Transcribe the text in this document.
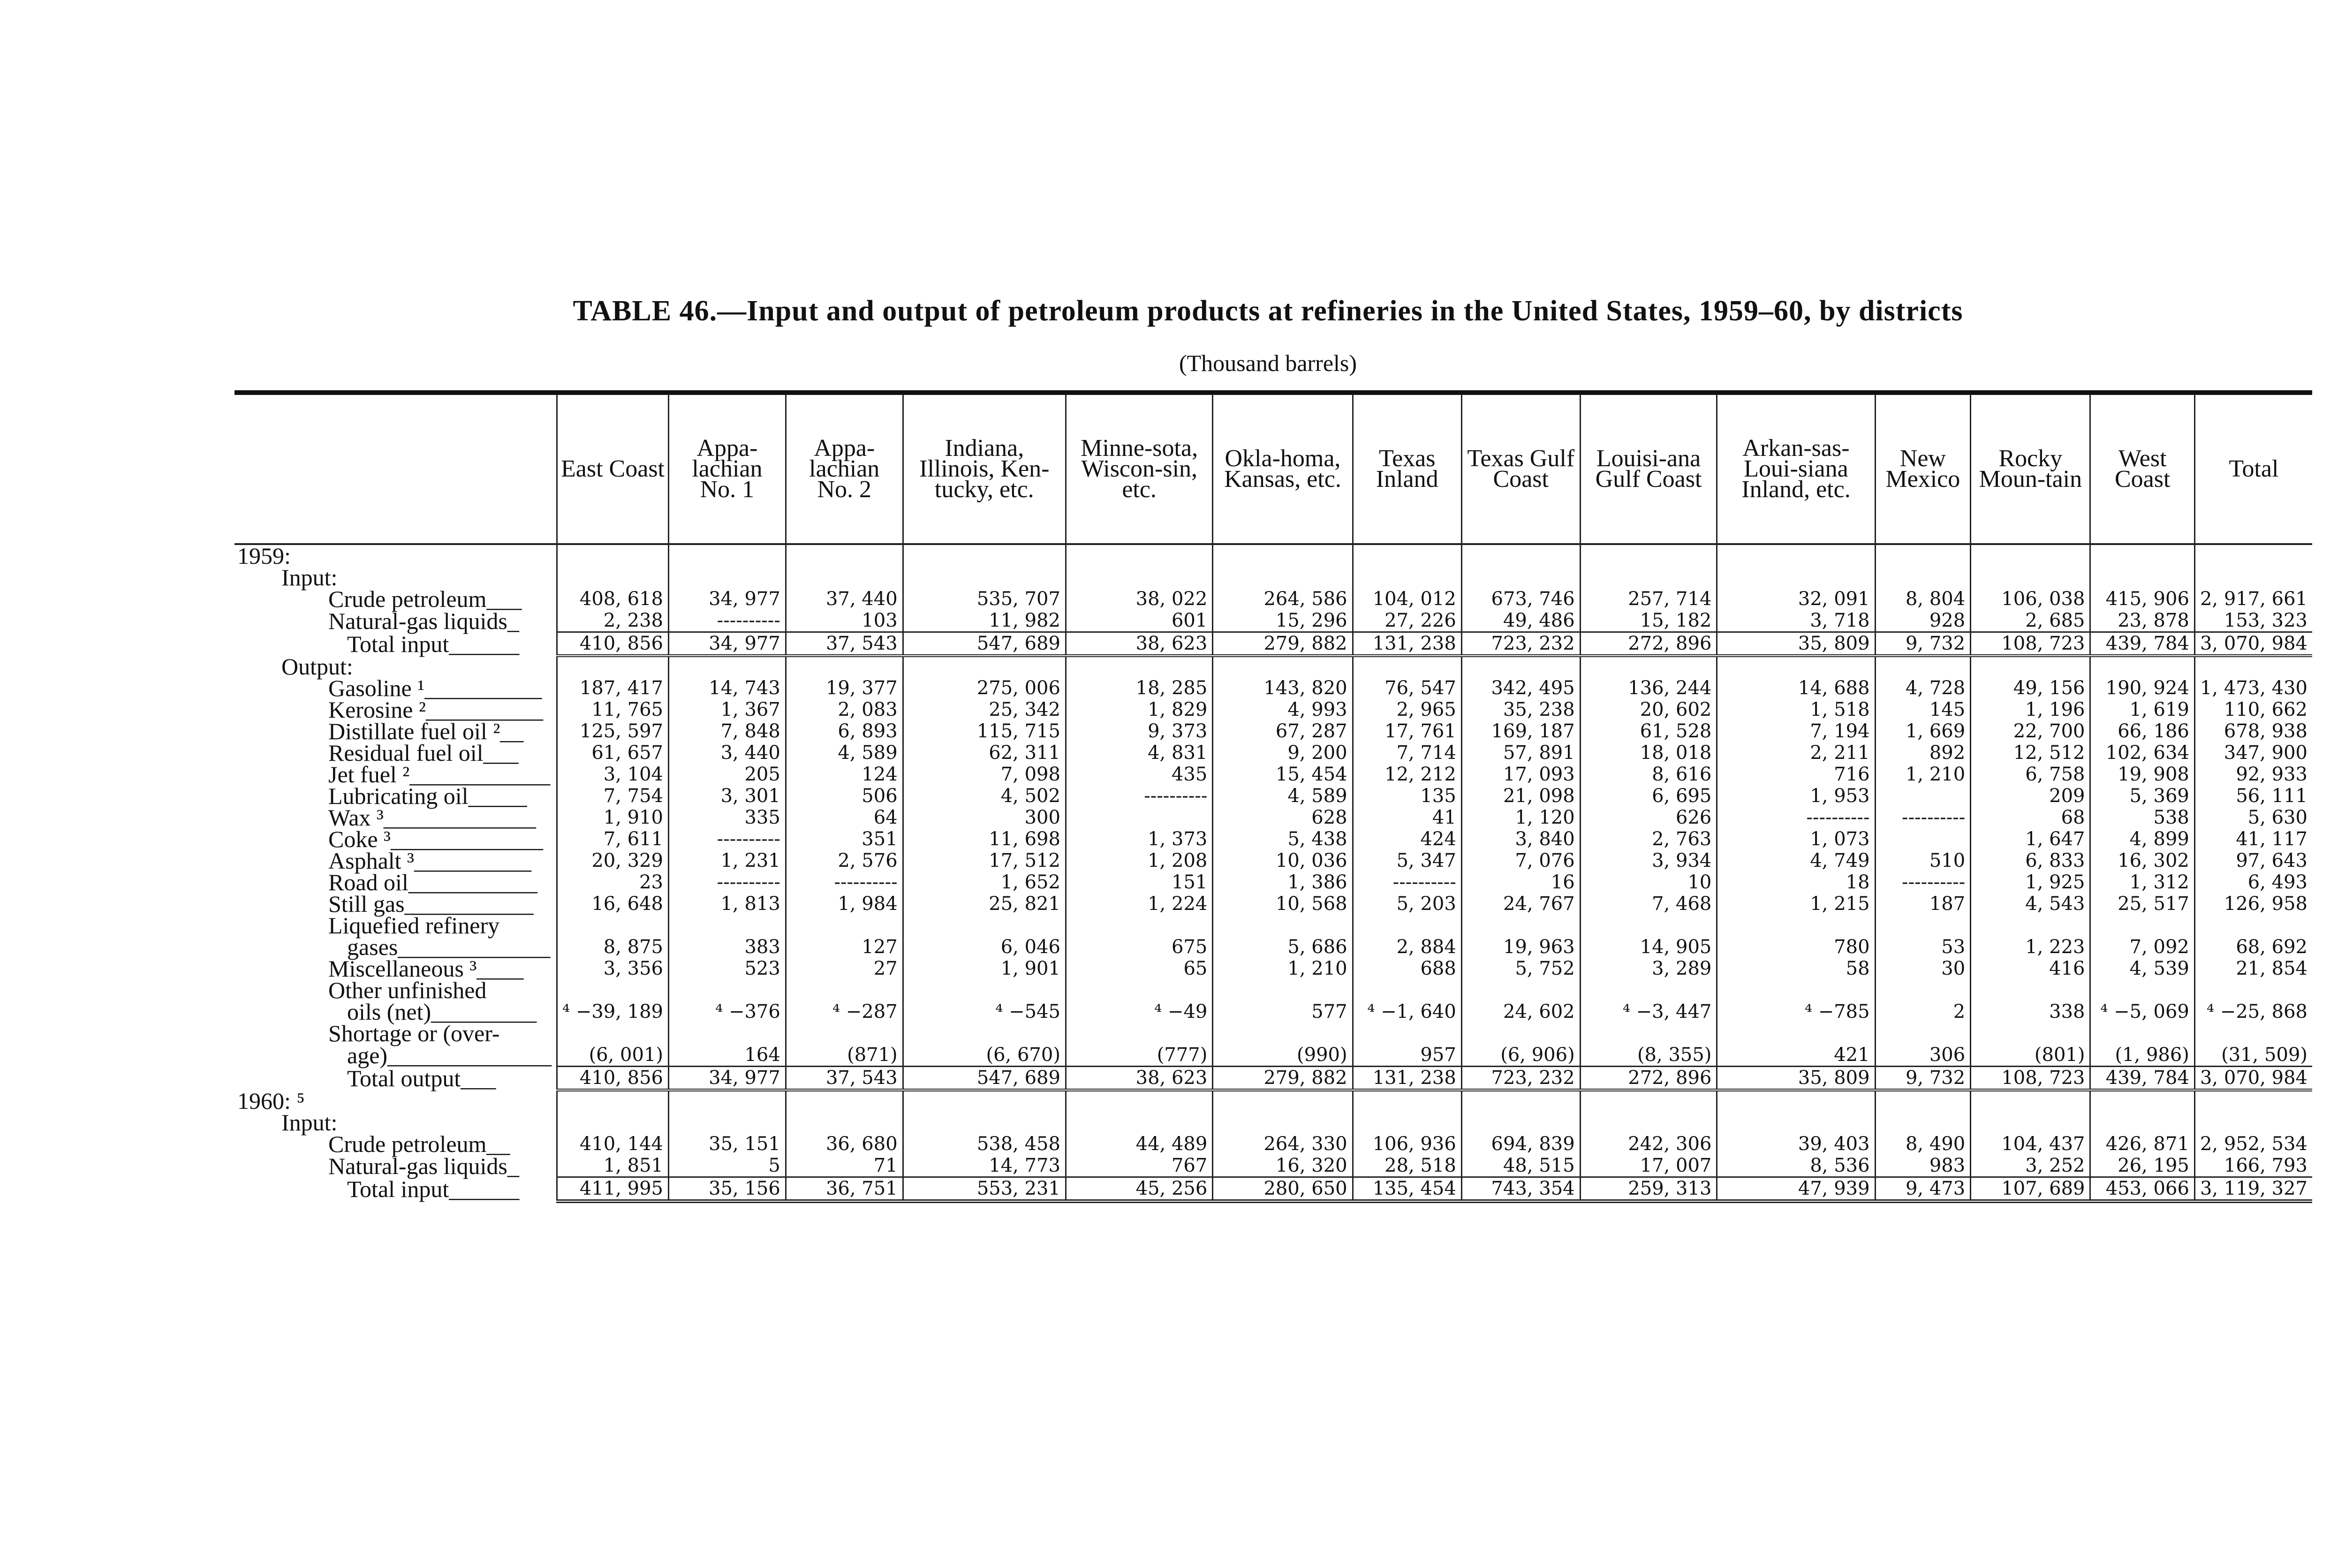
TABLE 46.—Input and output of petroleum products at refineries in the United States, 1959–60, by districts
(Thousand barrels)
	East Coast	Appa-lachian No. 1	Appa-lachian No. 2	Indiana, Illinois, Ken-tucky, etc.	Minne-sota, Wiscon-sin, etc.	Okla-homa, Kansas, etc.	Texas Inland	Texas Gulf Coast	Louisi-ana Gulf Coast	Arkan-sas-Loui-siana Inland, etc.	New Mexico	Rocky Moun-tain	West Coast	Total
1959:														
Input:														
Crude petroleum___	408, 618	34, 977	37, 440	535, 707	38, 022	264, 586	104, 012	673, 746	257, 714	32, 091	8, 804	106, 038	415, 906	2, 917, 661
Natural-gas liquids_	2, 238	----------	103	11, 982	601	15, 296	27, 226	49, 486	15, 182	3, 718	928	2, 685	23, 878	153, 323
Total input______	410, 856	34, 977	37, 543	547, 689	38, 623	279, 882	131, 238	723, 232	272, 896	35, 809	9, 732	108, 723	439, 784	3, 070, 984
Output:														
Gasoline ¹__________	187, 417	14, 743	19, 377	275, 006	18, 285	143, 820	76, 547	342, 495	136, 244	14, 688	4, 728	49, 156	190, 924	1, 473, 430
Kerosine ²__________	11, 765	1, 367	2, 083	25, 342	1, 829	4, 993	2, 965	35, 238	20, 602	1, 518	145	1, 196	1, 619	110, 662
Distillate fuel oil ²__	125, 597	7, 848	6, 893	115, 715	9, 373	67, 287	17, 761	169, 187	61, 528	7, 194	1, 669	22, 700	66, 186	678, 938
Residual fuel oil___	61, 657	3, 440	4, 589	62, 311	4, 831	9, 200	7, 714	57, 891	18, 018	2, 211	892	12, 512	102, 634	347, 900
Jet fuel ²____________	3, 104	205	124	7, 098	435	15, 454	12, 212	17, 093	8, 616	716	1, 210	6, 758	19, 908	92, 933
Lubricating oil_____	7, 754	3, 301	506	4, 502	----------	4, 589	135	21, 098	6, 695	1, 953		209	5, 369	56, 111
Wax ³_____________	1, 910	335	64	300		628	41	1, 120	626	----------	----------	68	538	5, 630
Coke ³_____________	7, 611	----------	351	11, 698	1, 373	5, 438	424	3, 840	2, 763	1, 073		1, 647	4, 899	41, 117
Asphalt ³__________	20, 329	1, 231	2, 576	17, 512	1, 208	10, 036	5, 347	7, 076	3, 934	4, 749	510	6, 833	16, 302	97, 643
Road oil___________	23	----------	----------	1, 652	151	1, 386	----------	16	10	18	----------	1, 925	1, 312	6, 493
Still gas___________	16, 648	1, 813	1, 984	25, 821	1, 224	10, 568	5, 203	24, 767	7, 468	1, 215	187	4, 543	25, 517	126, 958
Liquefied refinery														
gases_____________	8, 875	383	127	6, 046	675	5, 686	2, 884	19, 963	14, 905	780	53	1, 223	7, 092	68, 692
Miscellaneous ³____	3, 356	523	27	1, 901	65	1, 210	688	5, 752	3, 289	58	30	416	4, 539	21, 854
Other unfinished														
oils (net)_________	⁴ −39, 189	⁴ −376	⁴ −287	⁴ −545	⁴ −49	577	⁴ −1, 640	24, 602	⁴ −3, 447	⁴ −785	2	338	⁴ −5, 069	⁴ −25, 868
Shortage or (over-														
age)______________	(6, 001)	164	(871)	(6, 670)	(777)	(990)	957	(6, 906)	(8, 355)	421	306	(801)	(1, 986)	(31, 509)
Total output___	410, 856	34, 977	37, 543	547, 689	38, 623	279, 882	131, 238	723, 232	272, 896	35, 809	9, 732	108, 723	439, 784	3, 070, 984
1960: ⁵														
Input:														
Crude petroleum__	410, 144	35, 151	36, 680	538, 458	44, 489	264, 330	106, 936	694, 839	242, 306	39, 403	8, 490	104, 437	426, 871	2, 952, 534
Natural-gas liquids_	1, 851	5	71	14, 773	767	16, 320	28, 518	48, 515	17, 007	8, 536	983	3, 252	26, 195	166, 793
Total input______	411, 995	35, 156	36, 751	553, 231	45, 256	280, 650	135, 454	743, 354	259, 313	47, 939	9, 473	107, 689	453, 066	3, 119, 327
